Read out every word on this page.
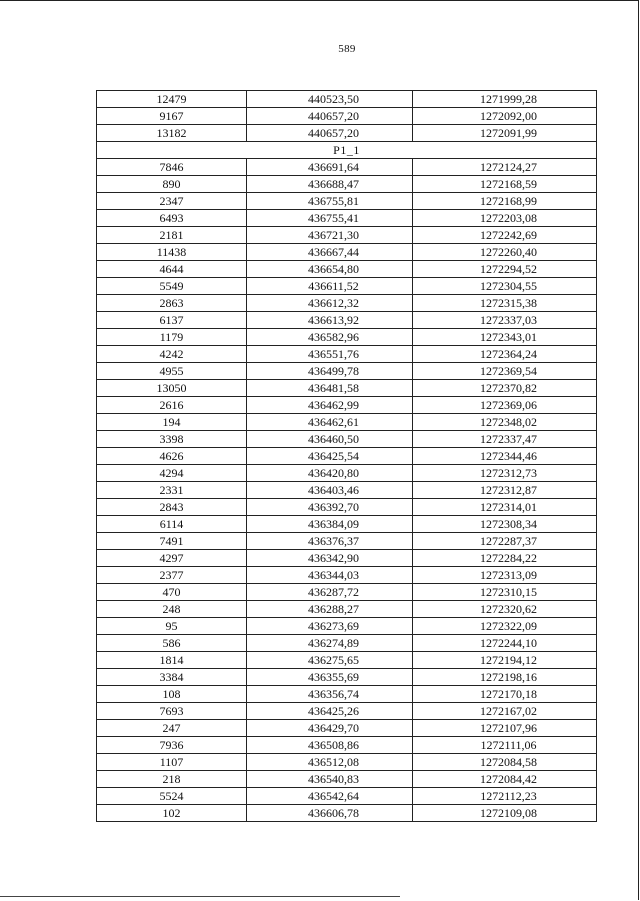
589
12479	440523,50	1271999,28
9167	440657,20	1272092,00
13182	440657,20	1272091,99
P1_1		
7846	436691,64	1272124,27
890	436688,47	1272168,59
2347	436755,81	1272168,99
6493	436755,41	1272203,08
2181	436721,30	1272242,69
11438	436667,44	1272260,40
4644	436654,80	1272294,52
5549	436611,52	1272304,55
2863	436612,32	1272315,38
6137	436613,92	1272337,03
1179	436582,96	1272343,01
4242	436551,76	1272364,24
4955	436499,78	1272369,54
13050	436481,58	1272370,82
2616	436462,99	1272369,06
194	436462,61	1272348,02
3398	436460,50	1272337,47
4626	436425,54	1272344,46
4294	436420,80	1272312,73
2331	436403,46	1272312,87
2843	436392,70	1272314,01
6114	436384,09	1272308,34
7491	436376,37	1272287,37
4297	436342,90	1272284,22
2377	436344,03	1272313,09
470	436287,72	1272310,15
248	436288,27	1272320,62
95	436273,69	1272322,09
586	436274,89	1272244,10
1814	436275,65	1272194,12
3384	436355,69	1272198,16
108	436356,74	1272170,18
7693	436425,26	1272167,02
247	436429,70	1272107,96
7936	436508,86	1272111,06
1107	436512,08	1272084,58
218	436540,83	1272084,42
5524	436542,64	1272112,23
102	436606,78	1272109,08
